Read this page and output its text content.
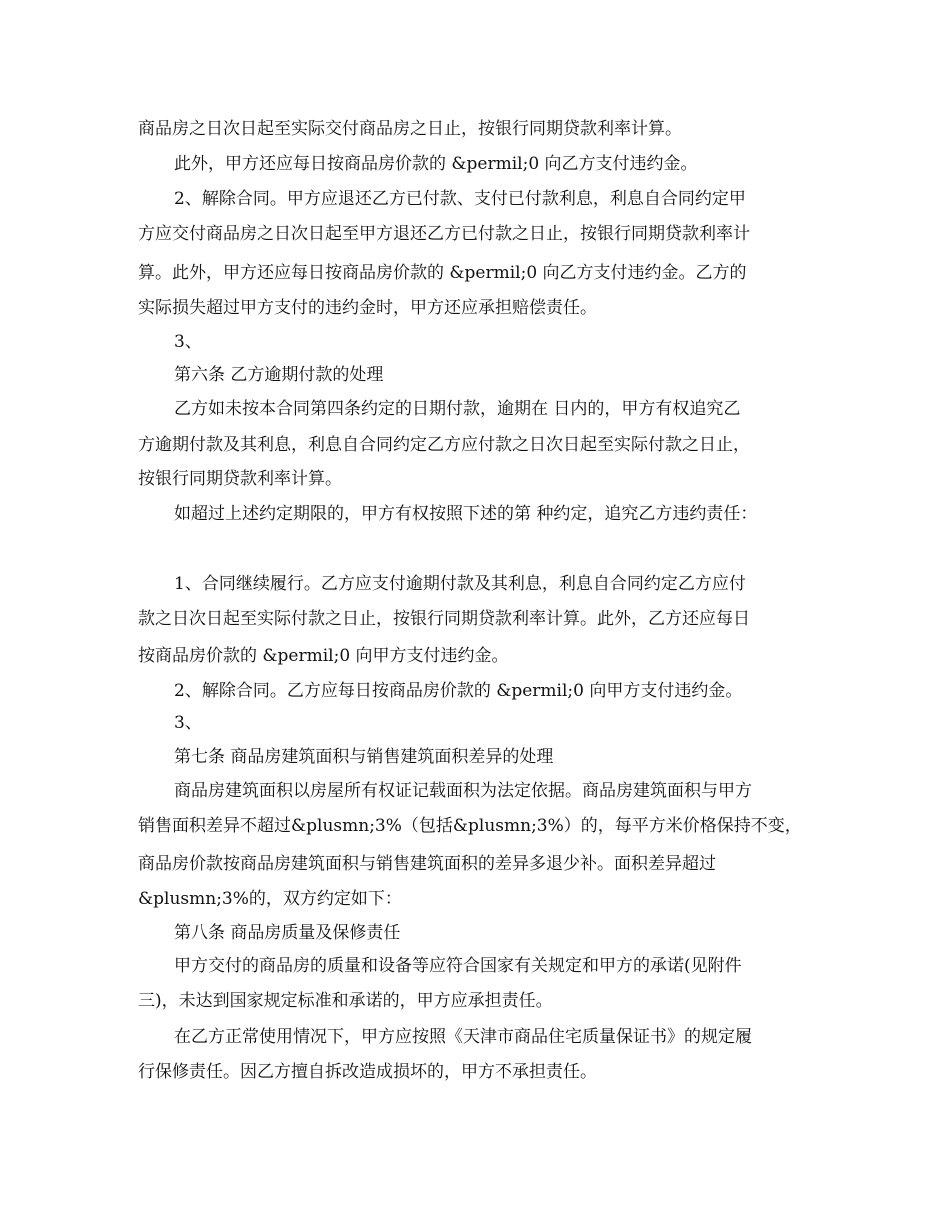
商品房之日次日起至实际交付商品房之日止，按银行同期贷款利率计算。
此外，甲方还应每日按商品房价款的 &permil;0 向乙方支付违约金。
2、解除合同。甲方应退还乙方已付款、支付已付款利息，利息自合同约定甲
方应交付商品房之日次日起至甲方退还乙方已付款之日止，按银行同期贷款利率计
算。此外，甲方还应每日按商品房价款的 &permil;0 向乙方支付违约金。乙方的
实际损失超过甲方支付的违约金时，甲方还应承担赔偿责任。
3、
第六条 乙方逾期付款的处理
乙方如未按本合同第四条约定的日期付款，逾期在 日内的，甲方有权追究乙
方逾期付款及其利息，利息自合同约定乙方应付款之日次日起至实际付款之日止，
按银行同期贷款利率计算。
如超过上述约定期限的，甲方有权按照下述的第 种约定，追究乙方违约责任：
1、合同继续履行。乙方应支付逾期付款及其利息，利息自合同约定乙方应付
款之日次日起至实际付款之日止，按银行同期贷款利率计算。此外，乙方还应每日
按商品房价款的 &permil;0 向甲方支付违约金。
2、解除合同。乙方应每日按商品房价款的 &permil;0 向甲方支付违约金。
3、
第七条 商品房建筑面积与销售建筑面积差异的处理
商品房建筑面积以房屋所有权证记载面积为法定依据。商品房建筑面积与甲方
销售面积差异不超过&plusmn;3%（包括&plusmn;3%）的，每平方米价格保持不变，
商品房价款按商品房建筑面积与销售建筑面积的差异多退少补。面积差异超过
&plusmn;3%的，双方约定如下：
第八条 商品房质量及保修责任
甲方交付的商品房的质量和设备等应符合国家有关规定和甲方的承诺(见附件
三)，未达到国家规定标准和承诺的，甲方应承担责任。
在乙方正常使用情况下，甲方应按照《天津市商品住宅质量保证书》的规定履
行保修责任。因乙方擅自拆改造成损坏的，甲方不承担责任。
